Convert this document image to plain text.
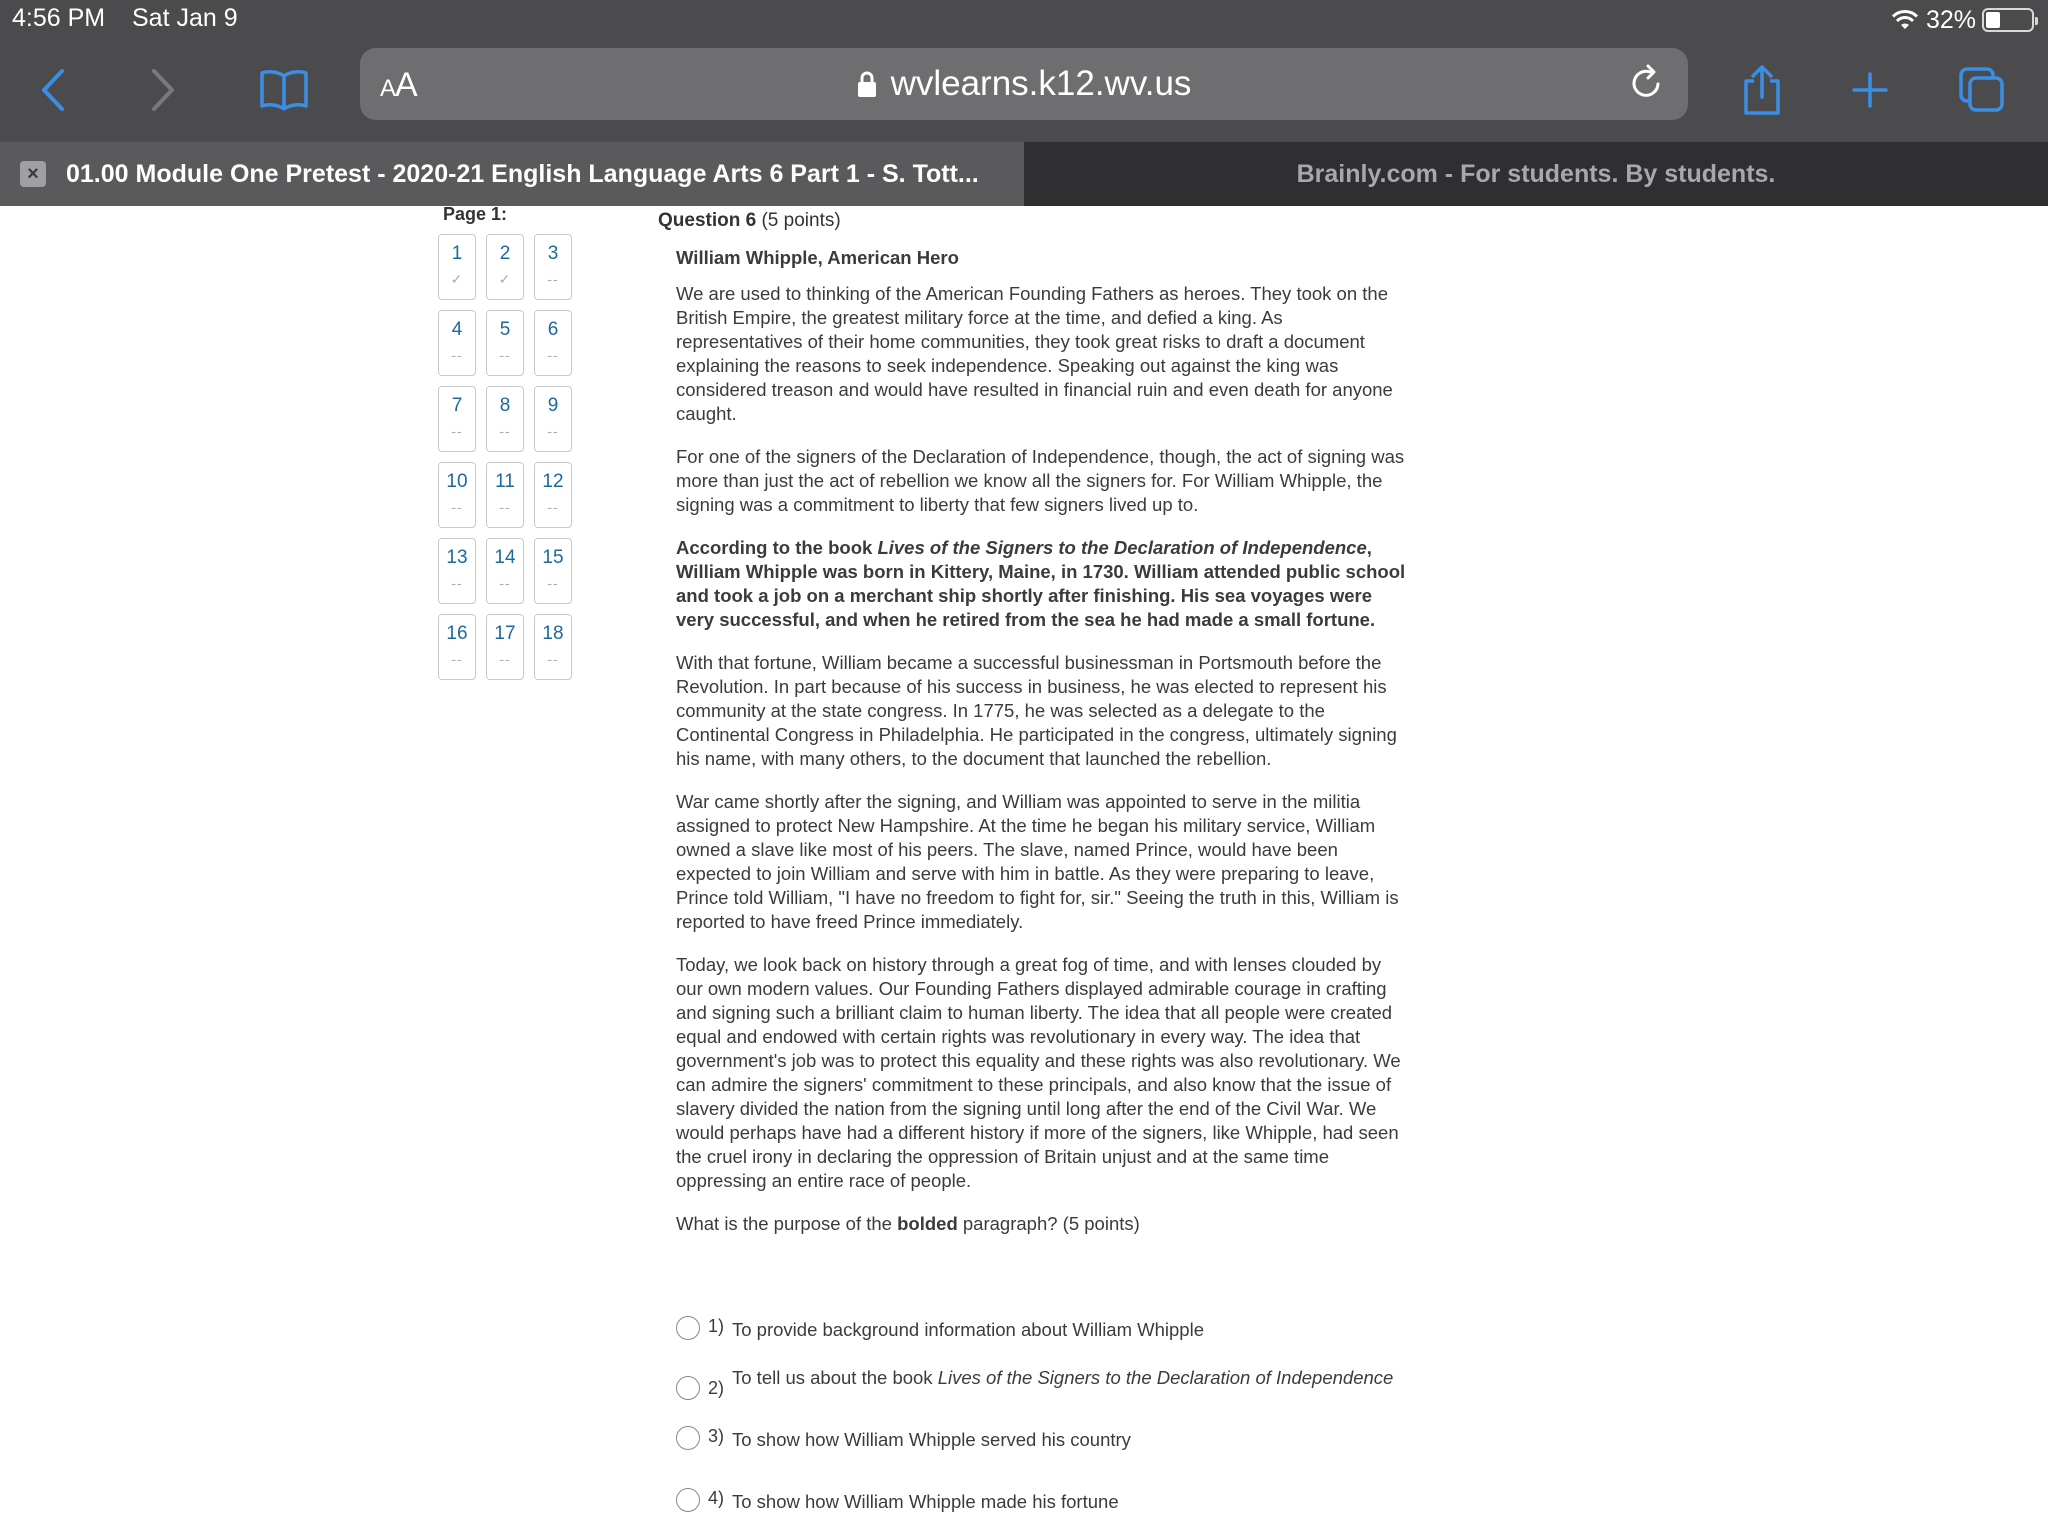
4:56 PM Sat Jan 9	32%
AA	wvlearns.k12.wv.us
× 01.00 Module One Pretest - 2020-21 English Language Arts 6 Part 1 - S. Tott...	Brainly.com - For students. By students.
Page 1:
1
✓
2
✓
3
--
4
--
5
--
6
--
7
--
8
--
9
--
10
--
11
--
12
--
13
--
14
--
15
--
16
--
17
--
18
--
Question 6 (5 points)
William Whipple, American Hero

We are used to thinking of the American Founding Fathers as heroes. They took on the British Empire, the greatest military force at the time, and defied a king. As representatives of their home communities, they took great risks to draft a document explaining the reasons to seek independence. Speaking out against the king was considered treason and would have resulted in financial ruin and even death for anyone caught.

For one of the signers of the Declaration of Independence, though, the act of signing was more than just the act of rebellion we know all the signers for. For William Whipple, the signing was a commitment to liberty that few signers lived up to.

According to the book Lives of the Signers to the Declaration of Independence, William Whipple was born in Kittery, Maine, in 1730. William attended public school and took a job on a merchant ship shortly after finishing. His sea voyages were very successful, and when he retired from the sea he had made a small fortune.

With that fortune, William became a successful businessman in Portsmouth before the Revolution. In part because of his success in business, he was elected to represent his community at the state congress. In 1775, he was selected as a delegate to the Continental Congress in Philadelphia. He participated in the congress, ultimately signing his name, with many others, to the document that launched the rebellion.

War came shortly after the signing, and William was appointed to serve in the militia assigned to protect New Hampshire. At the time he began his military service, William owned a slave like most of his peers. The slave, named Prince, would have been expected to join William and serve with him in battle. As they were preparing to leave, Prince told William, "I have no freedom to fight for, sir." Seeing the truth in this, William is reported to have freed Prince immediately.

Today, we look back on history through a great fog of time, and with lenses clouded by our own modern values. Our Founding Fathers displayed admirable courage in crafting and signing such a brilliant claim to human liberty. The idea that all people were created equal and endowed with certain rights was revolutionary in every way. The idea that government's job was to protect this equality and these rights was also revolutionary. We can admire the signers' commitment to these principals, and also know that the issue of slavery divided the nation from the signing until long after the end of the Civil War. We would perhaps have had a different history if more of the signers, like Whipple, had seen the cruel irony in declaring the oppression of Britain unjust and at the same time oppressing an entire race of people.

What is the purpose of the bolded paragraph? (5 points)

1) To provide background information about William Whipple
2) To tell us about the book Lives of the Signers to the Declaration of Independence
3) To show how William Whipple served his country
4) To show how William Whipple made his fortune
